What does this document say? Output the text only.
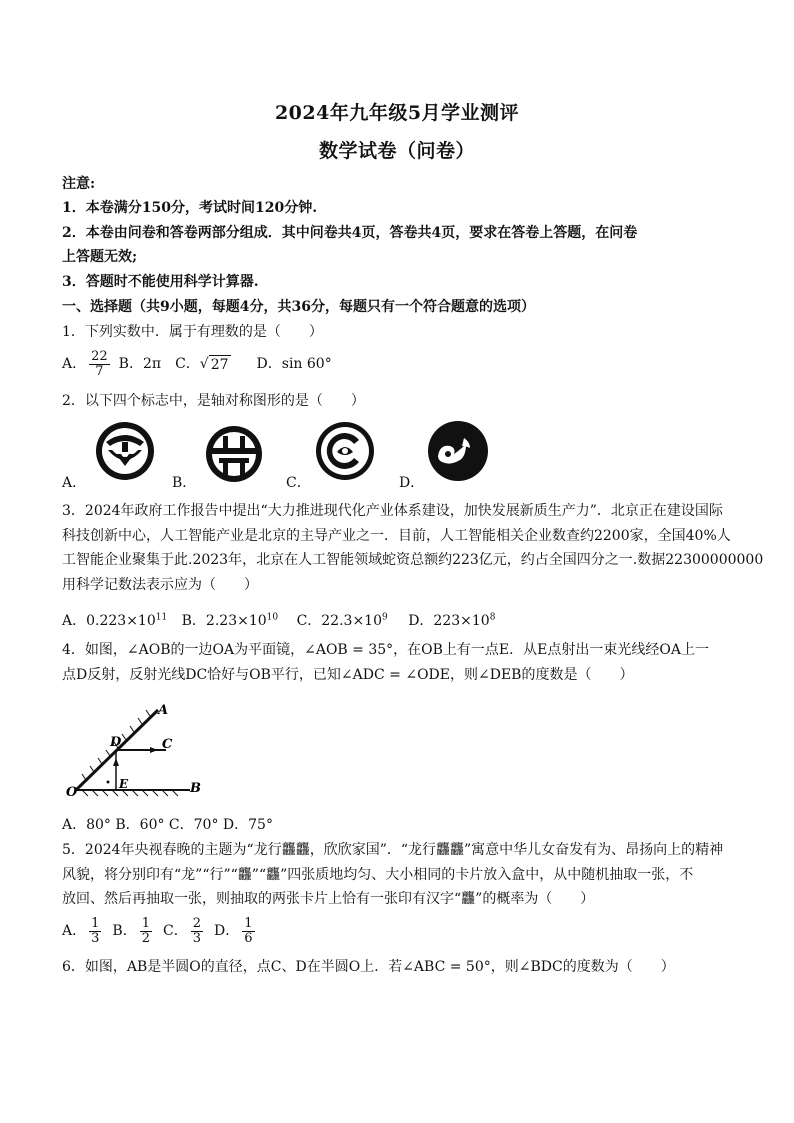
2024年九年级5月学业测评
数学试卷（问卷）
注意:
1．本卷满分150分，考试时间120分钟.
2．本卷由问卷和答卷两部分组成．其中问卷共4页，答卷共4页，要求在答卷上答题，在问卷
上答题无效;
3．答题时不能使用科学计算器.
一、选择题（共9小题，每题4分，共36分，每题只有一个符合题意的选项）
1．下列实数中．属于有理数的是（　　）
A． $\frac{22}{7}$ B．2π C． √ 27 D．sin 60°
2．以下四个标志中，是轴对称图形的是（　　）
A．	B．	C．	D．
3．2024年政府工作报告中提出“大力推进现代化产业体系建设，加快发展新质生产力”．北京正在建设国际
科技创新中心，人工智能产业是北京的主导产业之一．目前，人工智能相关企业数查约2200家，全国40%人
工智能企业聚集于此.2023年，北京在人工智能领域蛇资总额约223亿元，约占全国四分之一.数据22300000000
用科学记数法表示应为（　　）
A．$0.223\times 10^{11}$ B．$2.23\times 10^{10}$ C．$22.3\times 10^9$ D．$223\times 10^8$
4．如图，∠AOB的一边OA为平面镜，∠AOB = 35°，在OB上有一点E．从E点射出一束光线经OA上一
点D反射，反射光线DC恰好与OB平行，已知∠ADC = ∠ODE，则∠DEB的度数是（　　）
A
D	C
E
O	B
A．80° B．60° C．70° D．75°
5．2024年央视春晚的主题为“龙行龘龘，欣欣家国”．“龙行龘龘”寓意中华儿女奋发有为、昂扬向上的精神
风貌，将分别印有“龙”“行”“龘”“龘”四张质地均匀、大小相同的卡片放入盒中，从中随机抽取一张，不
放回、然后再抽取一张，则抽取的两张卡片上恰有一张印有汉字“龘”的概率为（　　）
A． $\frac{1}{3}$ B． $\frac{1}{2}$ C． $\frac{2}{3}$ D． $\frac{1}{6}$
6．如图，AB是半圆O的直径，点C、D在半圆O上．若∠ABC = 50°，则∠BDC的度数为（　　）
